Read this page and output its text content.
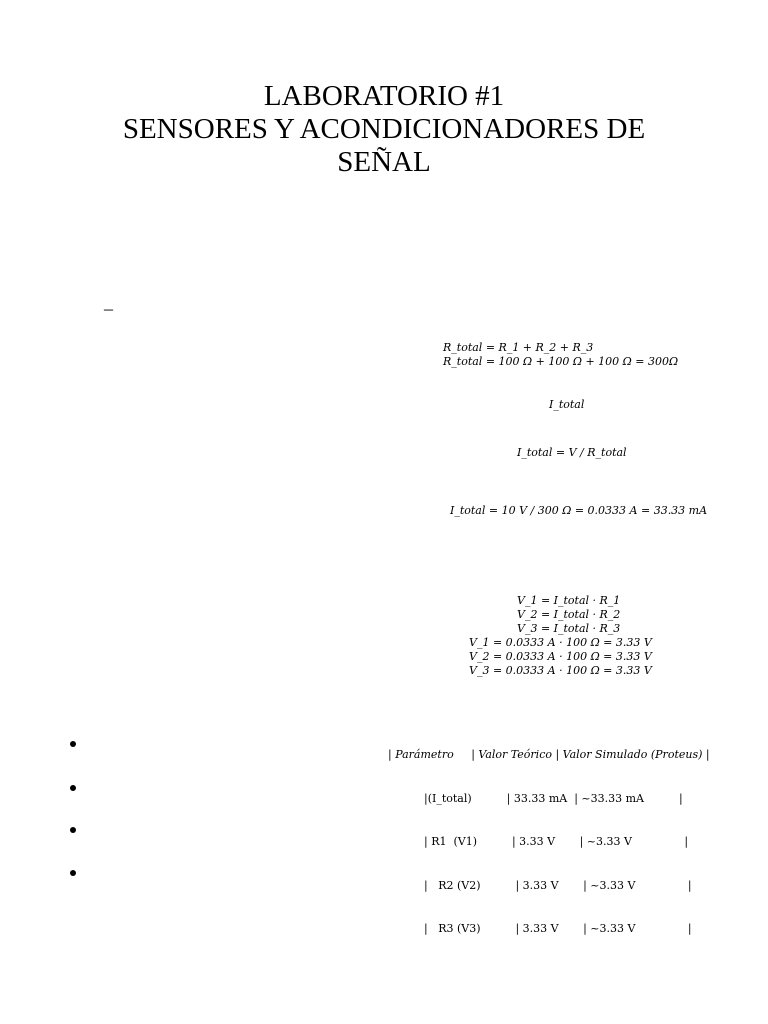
LABORATORIO #1
SENSORES Y ACONDICIONADORES DE
SEÑAL
_
R_total = R_1 + R_2 + R_3
R_total = 100 Ω + 100 Ω + 100 Ω = 300Ω
I_total
I_total = V / R_total
I_total = 10 V / 300 Ω = 0.0333 A = 33.33 mA
V_1 = I_total · R_1
V_2 = I_total · R_2
V_3 = I_total · R_3
V_1 = 0.0333 A · 100 Ω = 3.33 V
V_2 = 0.0333 A · 100 Ω = 3.33 V
V_3 = 0.0333 A · 100 Ω = 3.33 V

| Parámetro     | Valor Teórico | Valor Simulado (Proteus) |

|(I_total)          | 33.33 mA  | ~33.33 mA          |

| R1  (V1)          | 3.33 V       | ~3.33 V               |

|   R2 (V2)          | 3.33 V       | ~3.33 V               |

|   R3 (V3)          | 3.33 V       | ~3.33 V               |
